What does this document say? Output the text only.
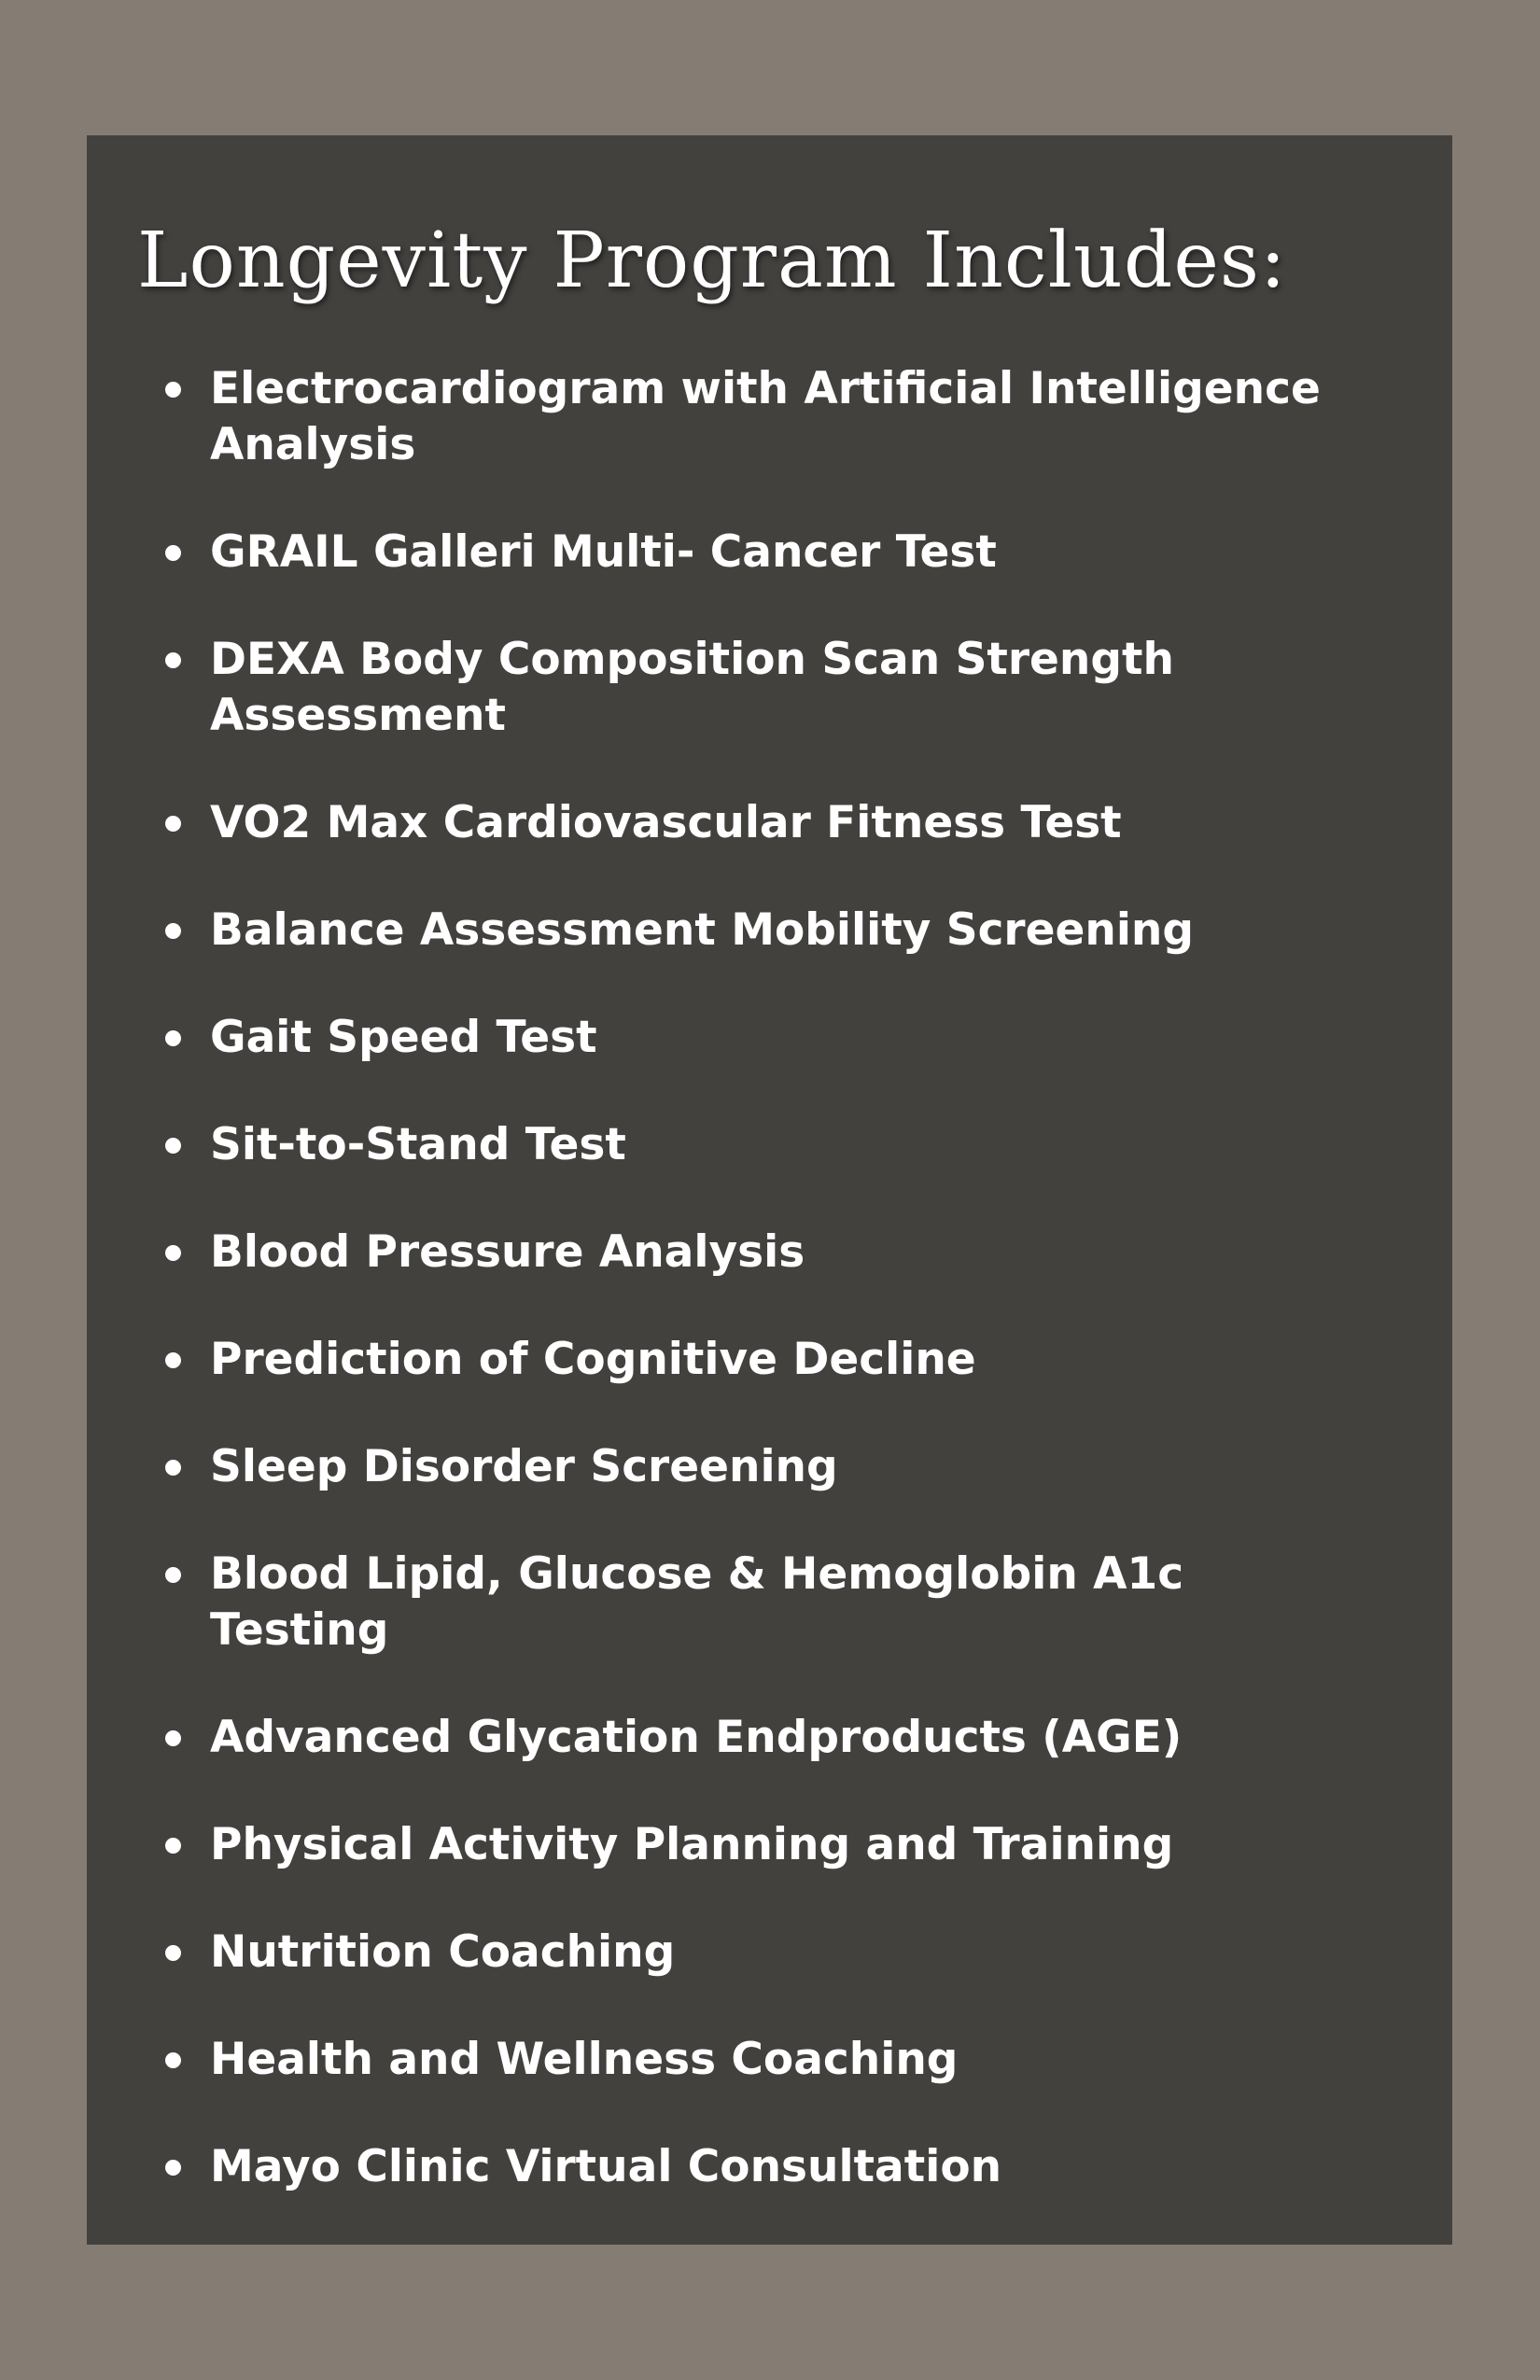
Longevity Program Includes:
Electrocardiogram with Artificial Intelligence Analysis
GRAIL Galleri Multi- Cancer Test
DEXA Body Composition Scan Strength Assessment
VO2 Max Cardiovascular Fitness Test
Balance Assessment Mobility Screening
Gait Speed Test
Sit-to-Stand Test
Blood Pressure Analysis
Prediction of Cognitive Decline
Sleep Disorder Screening
Blood Lipid, Glucose & Hemoglobin A1c Testing
Advanced Glycation Endproducts (AGE)
Physical Activity Planning and Training
Nutrition Coaching
Health and Wellness Coaching
Mayo Clinic Virtual Consultation
